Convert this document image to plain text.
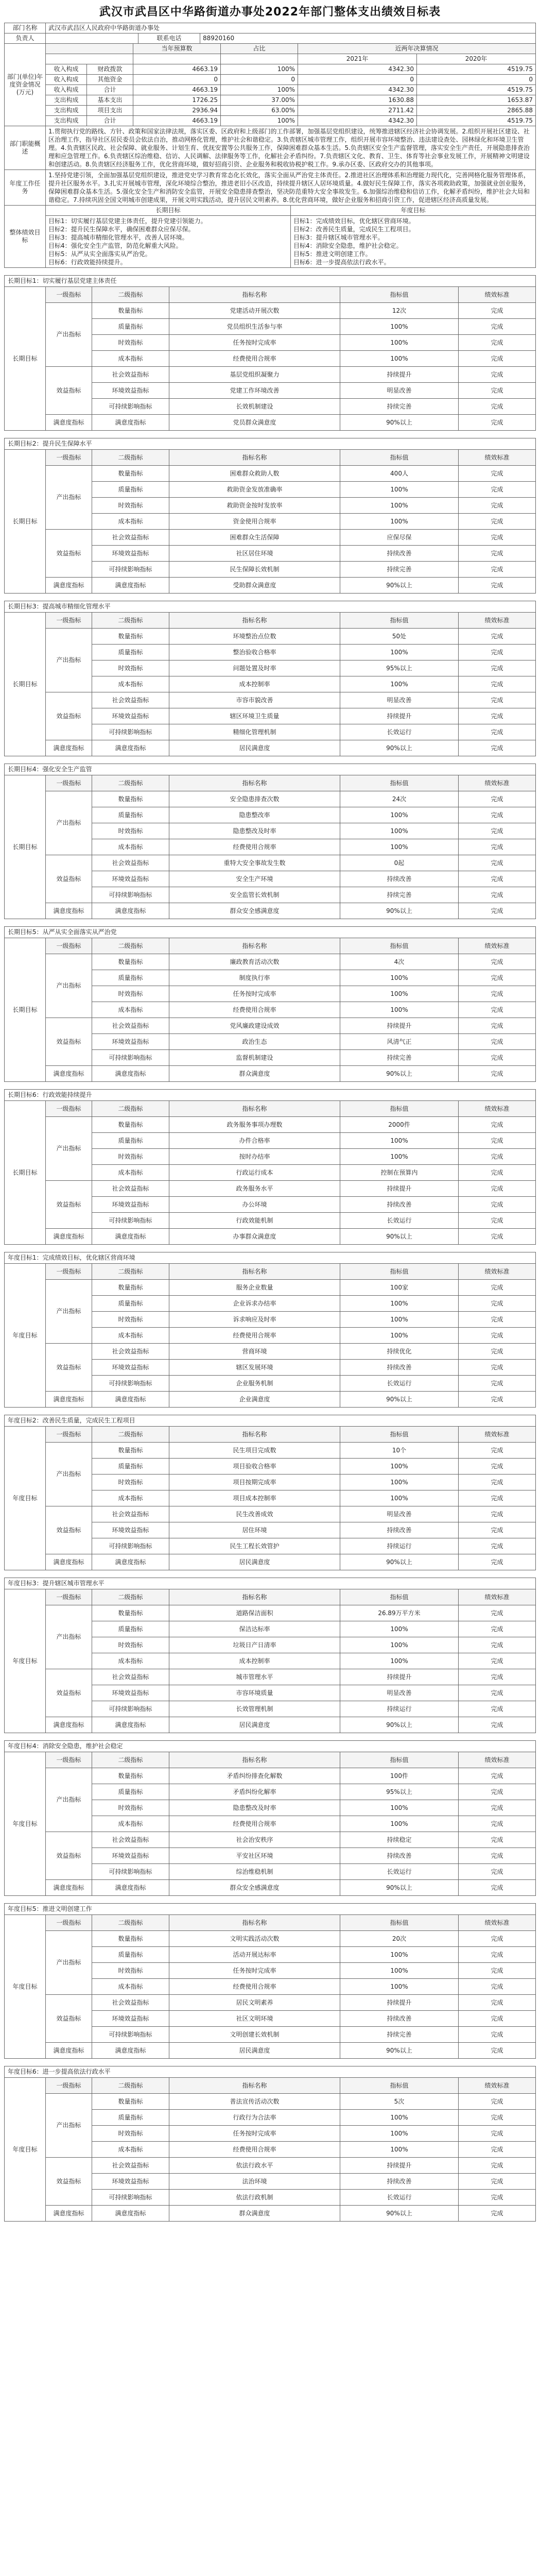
武汉市武昌区中华路街道办事处2022年部门整体支出绩效目标表
部门名称	武汉市武昌区人民政府中华路街道办事处
负责人	联系电话	88920160
部门(单位)年度资金情况(万元)
当年预算数	占比	近两年决算情况
2021年	2020年
收入构成	财政拨款	4663.19	100%	4342.30	4519.75
收入构成	其他资金	0	0	0	0
收入构成	合计	4663.19	100%	4342.30	4519.75
支出构成	基本支出	1726.25	37.00%	1630.88	1653.87
支出构成	项目支出	2936.94	63.00%	2711.42	2865.88
支出构成	合计	4663.19	100%	4342.30	4519.75
部门职能概述
1.贯彻执行党的路线、方针、政策和国家法律法规，落实区委、区政府和上级部门的工作部署，加强基层党组织建设，统筹推进辖区经济社会协调发展。2.组织开展社区建设、社区治理工作，指导社区居民委员会依法自治，推动网格化管理，维护社会和谐稳定。3.负责辖区城市管理工作，组织开展市容环境整治、违法建设查处、园林绿化和环境卫生管理。4.负责辖区民政、社会保障、就业服务、计划生育、优抚安置等公共服务工作，保障困难群众基本生活。5.负责辖区安全生产监督管理，落实安全生产责任，开展隐患排查治理和应急管理工作。6.负责辖区综治维稳、信访、人民调解、法律服务等工作，化解社会矛盾纠纷。7.负责辖区文化、教育、卫生、体育等社会事业发展工作，开展精神文明建设和创建活动。8.负责辖区经济服务工作，优化营商环境，做好招商引资、企业服务和税收协税护税工作。9.承办区委、区政府交办的其他事项。
年度工作任务
1.坚持党建引领，全面加强基层党组织建设，推进党史学习教育常态化长效化，落实全面从严治党主体责任。2.推进社区治理体系和治理能力现代化，完善网格化服务管理体系，提升社区服务水平。3.扎实开展城市管理，深化环境综合整治，推进老旧小区改造，持续提升辖区人居环境质量。4.做好民生保障工作，落实各项救助政策，加强就业创业服务，保障困难群众基本生活。5.强化安全生产和消防安全监管，开展安全隐患排查整治，坚决防范重特大安全事故发生。6.加强综治维稳和信访工作，化解矛盾纠纷，维护社会大局和谐稳定。7.持续巩固全国文明城市创建成果，开展文明实践活动，提升居民文明素养。8.优化营商环境，做好企业服务和招商引资工作，促进辖区经济高质量发展。
整体绩效目标
长期目标
目标1：切实履行基层党建主体责任，提升党建引领能力。
目标2：提升民生保障水平，确保困难群众应保尽保。
目标3：提高城市精细化管理水平，改善人居环境。
目标4：强化安全生产监管，防范化解重大风险。
目标5：从严从实全面落实从严治党。
目标6：行政效能持续提升。
年度目标
目标1：完成绩效目标，优化辖区营商环境。
目标2：改善民生质量，完成民生工程项目。
目标3：提升辖区城市管理水平。
目标4：消除安全隐患，维护社会稳定。
目标5：推进文明创建工作。
目标6：进一步提高依法行政水平。
长期目标1：切实履行基层党建主体责任
长期目标
一级指标	二级指标	指标名称	指标值	绩效标准
产出指标
数量指标	党建活动开展次数	12次	完成
质量指标	党员组织生活参与率	100%	完成
时效指标	任务按时完成率	100%	完成
成本指标	经费使用合规率	100%	完成
效益指标
社会效益指标	基层党组织凝聚力	持续提升	完成
环境效益指标	党建工作环境改善	明显改善	完成
可持续影响指标	长效机制建设	持续完善	完成
满意度指标	满意度指标	党员群众满意度	90%以上	完成
长期目标2：提升民生保障水平
长期目标
一级指标	二级指标	指标名称	指标值	绩效标准
产出指标
数量指标	困难群众救助人数	400人	完成
质量指标	救助资金发放准确率	100%	完成
时效指标	救助资金按时发放率	100%	完成
成本指标	资金使用合规率	100%	完成
效益指标
社会效益指标	困难群众生活保障	应保尽保	完成
环境效益指标	社区居住环境	持续改善	完成
可持续影响指标	民生保障长效机制	持续完善	完成
满意度指标	满意度指标	受助群众满意度	90%以上	完成
长期目标3：提高城市精细化管理水平
长期目标
一级指标	二级指标	指标名称	指标值	绩效标准
产出指标
数量指标	环境整治点位数	50处	完成
质量指标	整治验收合格率	100%	完成
时效指标	问题处置及时率	95%以上	完成
成本指标	成本控制率	100%	完成
效益指标
社会效益指标	市容市貌改善	明显改善	完成
环境效益指标	辖区环境卫生质量	持续提升	完成
可持续影响指标	精细化管理机制	长效运行	完成
满意度指标	满意度指标	居民满意度	90%以上	完成
长期目标4：强化安全生产监管
长期目标
一级指标	二级指标	指标名称	指标值	绩效标准
产出指标
数量指标	安全隐患排查次数	24次	完成
质量指标	隐患整改率	100%	完成
时效指标	隐患整改及时率	100%	完成
成本指标	经费使用合规率	100%	完成
效益指标
社会效益指标	重特大安全事故发生数	0起	完成
环境效益指标	安全生产环境	持续改善	完成
可持续影响指标	安全监管长效机制	持续完善	完成
满意度指标	满意度指标	群众安全感满意度	90%以上	完成
长期目标5：从严从实全面落实从严治党
长期目标
一级指标	二级指标	指标名称	指标值	绩效标准
产出指标
数量指标	廉政教育活动次数	4次	完成
质量指标	制度执行率	100%	完成
时效指标	任务按时完成率	100%	完成
成本指标	经费使用合规率	100%	完成
效益指标
社会效益指标	党风廉政建设成效	持续提升	完成
环境效益指标	政治生态	风清气正	完成
可持续影响指标	监督机制建设	持续完善	完成
满意度指标	满意度指标	群众满意度	90%以上	完成
长期目标6：行政效能持续提升
长期目标
一级指标	二级指标	指标名称	指标值	绩效标准
产出指标
数量指标	政务服务事项办理数	2000件	完成
质量指标	办件合格率	100%	完成
时效指标	按时办结率	100%	完成
成本指标	行政运行成本	控制在预算内	完成
效益指标
社会效益指标	政务服务水平	持续提升	完成
环境效益指标	办公环境	持续改善	完成
可持续影响指标	行政效能机制	长效运行	完成
满意度指标	满意度指标	办事群众满意度	90%以上	完成
年度目标1：完成绩效目标，优化辖区营商环境
年度目标
一级指标	二级指标	指标名称	指标值	绩效标准
产出指标
数量指标	服务企业数量	100家	完成
质量指标	企业诉求办结率	100%	完成
时效指标	诉求响应及时率	100%	完成
成本指标	经费使用合规率	100%	完成
效益指标
社会效益指标	营商环境	持续优化	完成
环境效益指标	辖区发展环境	持续改善	完成
可持续影响指标	企业服务机制	长效运行	完成
满意度指标	满意度指标	企业满意度	90%以上	完成
年度目标2：改善民生质量，完成民生工程项目
年度目标
一级指标	二级指标	指标名称	指标值	绩效标准
产出指标
数量指标	民生项目完成数	10个	完成
质量指标	项目验收合格率	100%	完成
时效指标	项目按期完成率	100%	完成
成本指标	项目成本控制率	100%	完成
效益指标
社会效益指标	民生改善成效	明显改善	完成
环境效益指标	居住环境	持续改善	完成
可持续影响指标	民生工程长效管护	持续运行	完成
满意度指标	满意度指标	居民满意度	90%以上	完成
年度目标3：提升辖区城市管理水平
年度目标
一级指标	二级指标	指标名称	指标值	绩效标准
产出指标
数量指标	道路保洁面积	26.89万平方米	完成
质量指标	保洁达标率	100%	完成
时效指标	垃圾日产日清率	100%	完成
成本指标	成本控制率	100%	完成
效益指标
社会效益指标	城市管理水平	持续提升	完成
环境效益指标	市容环境质量	明显改善	完成
可持续影响指标	长效管理机制	持续运行	完成
满意度指标	满意度指标	居民满意度	90%以上	完成
年度目标4：消除安全隐患，维护社会稳定
年度目标
一级指标	二级指标	指标名称	指标值	绩效标准
产出指标
数量指标	矛盾纠纷排查化解数	100件	完成
质量指标	矛盾纠纷化解率	95%以上	完成
时效指标	隐患整改及时率	100%	完成
成本指标	经费使用合规率	100%	完成
效益指标
社会效益指标	社会治安秩序	持续稳定	完成
环境效益指标	平安社区环境	持续改善	完成
可持续影响指标	综治维稳机制	长效运行	完成
满意度指标	满意度指标	群众安全感满意度	90%以上	完成
年度目标5：推进文明创建工作
年度目标
一级指标	二级指标	指标名称	指标值	绩效标准
产出指标
数量指标	文明实践活动次数	20次	完成
质量指标	活动开展达标率	100%	完成
时效指标	任务按时完成率	100%	完成
成本指标	经费使用合规率	100%	完成
效益指标
社会效益指标	居民文明素养	持续提升	完成
环境效益指标	社区文明环境	持续改善	完成
可持续影响指标	文明创建长效机制	持续完善	完成
满意度指标	满意度指标	居民满意度	90%以上	完成
年度目标6：进一步提高依法行政水平
年度目标
一级指标	二级指标	指标名称	指标值	绩效标准
产出指标
数量指标	普法宣传活动次数	5次	完成
质量指标	行政行为合法率	100%	完成
时效指标	任务按时完成率	100%	完成
成本指标	经费使用合规率	100%	完成
效益指标
社会效益指标	依法行政水平	持续提升	完成
环境效益指标	法治环境	持续改善	完成
可持续影响指标	依法行政机制	长效运行	完成
满意度指标	满意度指标	群众满意度	90%以上	完成
